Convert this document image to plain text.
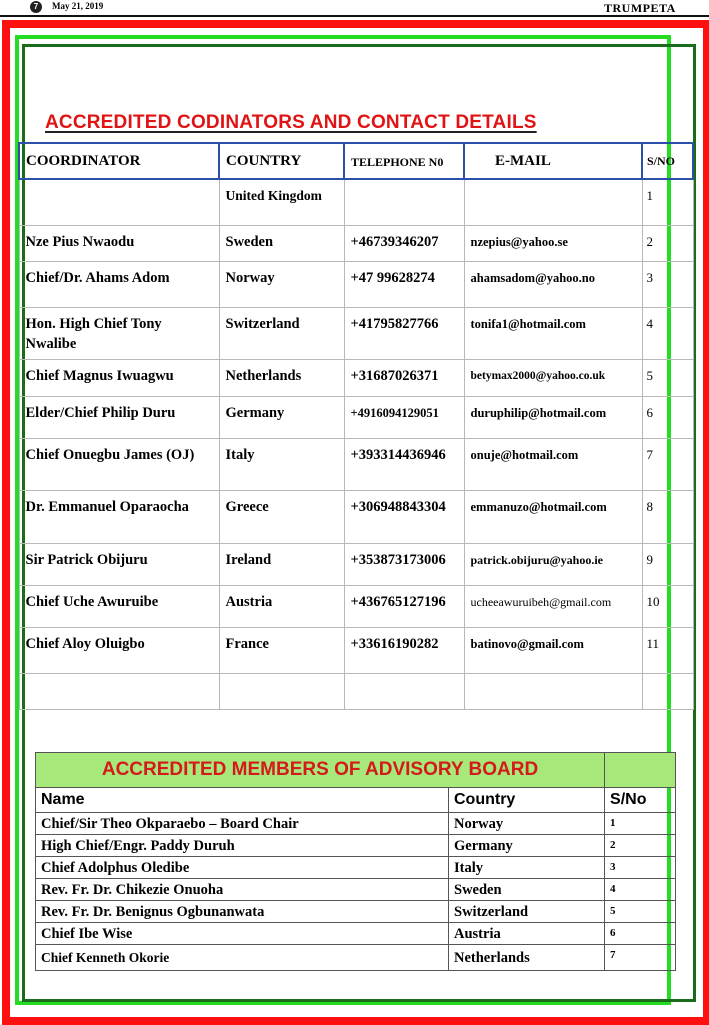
7	May 21, 2019	TRUMPETA
ACCREDITED CODINATORS AND CONTACT DETAILS
COORDINATOR	COUNTRY	TELEPHONE N0	E-MAIL	S/NO
	United Kingdom			1
Nze Pius Nwaodu	Sweden	+46739346207	nzepius@yahoo.se	2
Chief/Dr. Ahams Adom	Norway	+47 99628274	ahamsadom@yahoo.no	3
Hon. High Chief Tony Nwalibe	Switzerland	+41795827766	tonifa1@hotmail.com	4
Chief Magnus Iwuagwu	Netherlands	+31687026371	betymax2000@yahoo.co.uk	5
Elder/Chief Philip Duru	Germany	+4916094129051	duruphilip@hotmail.com	6
Chief Onuegbu James (OJ)	Italy	+393314436946	onuje@hotmail.com	7
Dr. Emmanuel Oparaocha	Greece	+306948843304	emmanuzo@hotmail.com	8
Sir Patrick Obijuru	Ireland	+353873173006	patrick.obijuru@yahoo.ie	9
Chief Uche Awuruibe	Austria	+436765127196	ucheeawuruibeh@gmail.com	10
Chief Aloy Oluigbo	France	+33616190282	batinovo@gmail.com	11

ACCREDITED MEMBERS OF ADVISORY BOARD		
Name	Country	S/No
Chief/Sir Theo Okparaebo – Board Chair	Norway	1
High Chief/Engr. Paddy Duruh	Germany	2
Chief Adolphus Oledibe	Italy	3
Rev. Fr. Dr. Chikezie Onuoha	Sweden	4
Rev. Fr. Dr. Benignus Ogbunanwata	Switzerland	5
Chief Ibe Wise	Austria	6
Chief Kenneth Okorie	Netherlands	7
